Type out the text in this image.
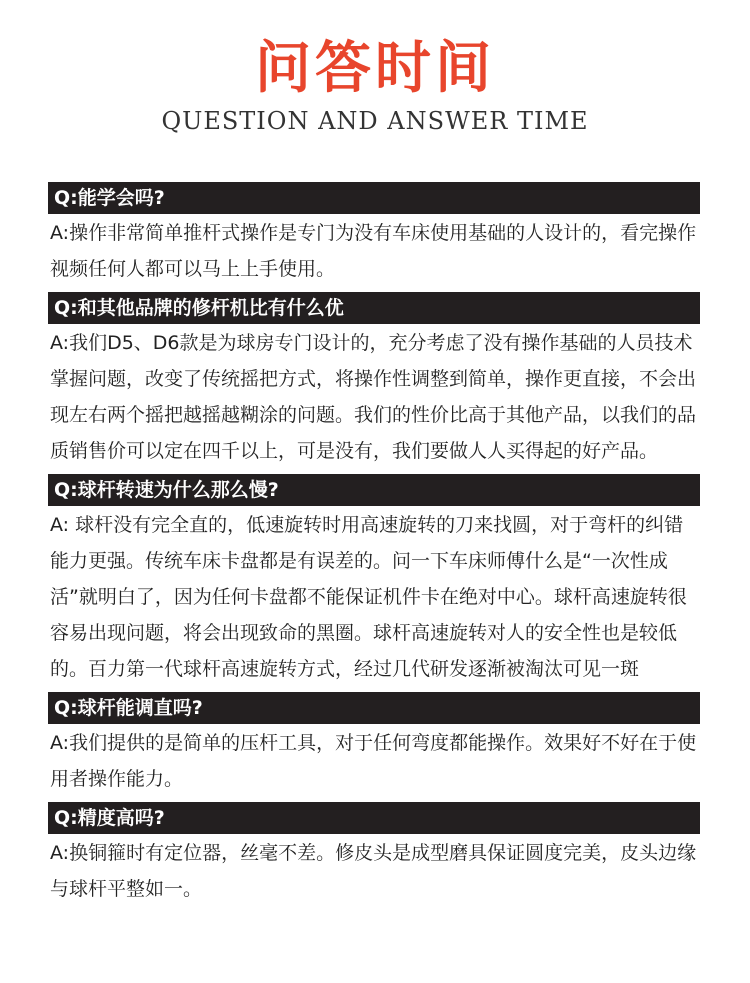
问答时间
QUESTION AND ANSWER TIME
Q:能学会吗?
A:操作非常简单推杆式操作是专门为没有车床使用基础的人设计的，看完操作视频任何人都可以马上上手使用。
Q:和其他品牌的修杆机比有什么优
A:我们D5、D6款是为球房专门设计的，充分考虑了没有操作基础的人员技术掌握问题，改变了传统摇把方式，将操作性调整到简单，操作更直接，不会出现左右两个摇把越摇越糊涂的问题。我们的性价比高于其他产品，以我们的品质销售价可以定在四千以上，可是没有，我们要做人人买得起的好产品。
Q:球杆转速为什么那么慢?
A: 球杆没有完全直的，低速旋转时用高速旋转的刀来找圆，对于弯杆的纠错能力更强。传统车床卡盘都是有误差的。问一下车床师傅什么是“一次性成活”就明白了，因为任何卡盘都不能保证机件卡在绝对中心。球杆高速旋转很容易出现问题，将会出现致命的黑圈。球杆高速旋转对人的安全性也是较低的。百力第一代球杆高速旋转方式，经过几代研发逐渐被淘汰可见一斑
Q:球杆能调直吗?
A:我们提供的是简单的压杆工具，对于任何弯度都能操作。效果好不好在于使用者操作能力。
Q:精度高吗?
A:换铜箍时有定位器，丝毫不差。修皮头是成型磨具保证圆度完美，皮头边缘与球杆平整如一。
